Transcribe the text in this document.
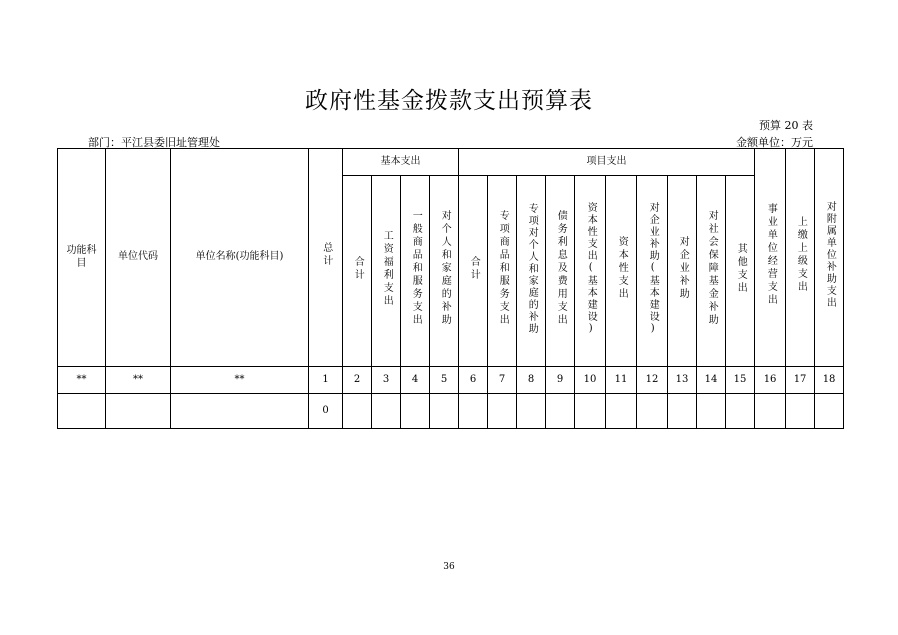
政府性基金拨款支出预算表
预算 20 表
部门：平江县委旧址管理处	金额单位：万元
功能科目	单位代码	单位名称(功能科目)	总计	基本支出				项目支出										事业单位经营支出	上缴上级支出	对附属单位补助支出
				合计	工资福利支出	一般商品和服务支出	对个人和家庭的补助	合计	专项商品和服务支出	专项对个人和家庭的补助	债务利息及费用支出	资本性支出(基本建设)	资本性支出	对企业补助(基本建设)	对企业补助	对社会保障基金补助	其他支出			
**	**	**	1	2	3	4	5	6	7	8	9	10	11	12	13	14	15	16	17	18
			0																	
36
